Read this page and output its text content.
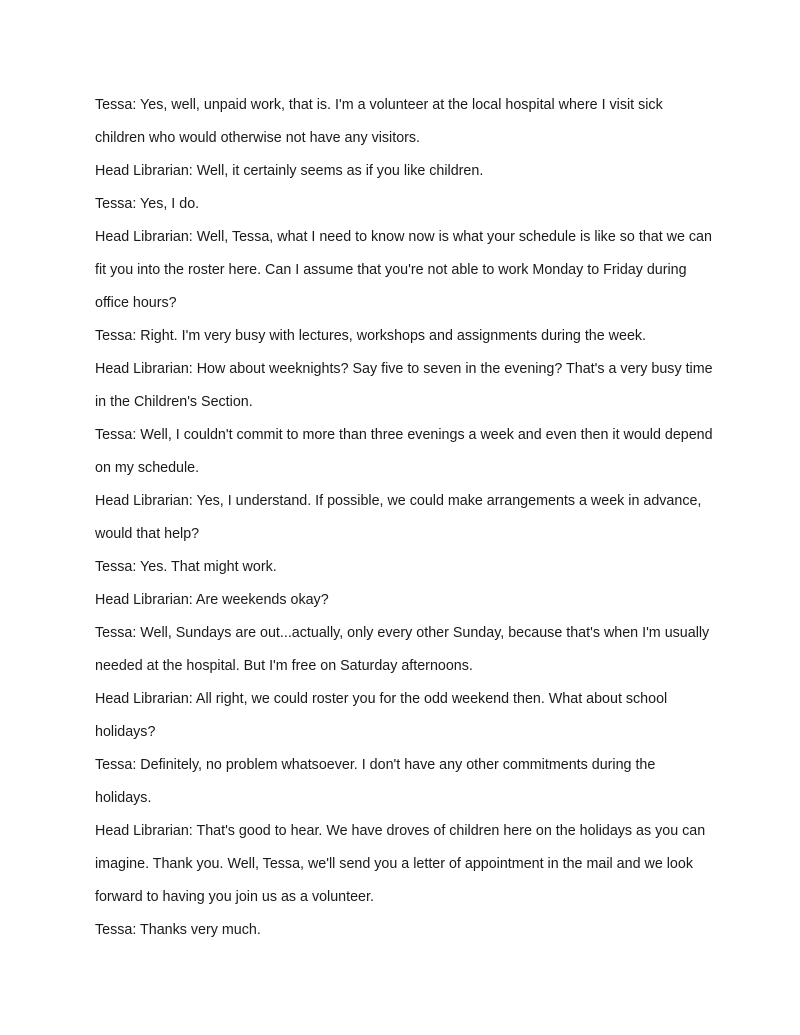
Tessa: Yes, well, unpaid work, that is. I'm a volunteer at the local hospital where I visit sick children who would otherwise not have any visitors.

Head Librarian: Well, it certainly seems as if you like children.

Tessa: Yes, I do.

Head Librarian: Well, Tessa, what I need to know now is what your schedule is like so that we can fit you into the roster here. Can I assume that you're not able to work Monday to Friday during office hours?

Tessa: Right. I'm very busy with lectures, workshops and assignments during the week.

Head Librarian: How about weeknights? Say five to seven in the evening? That's a very busy time in the Children's Section.

Tessa: Well, I couldn't commit to more than three evenings a week and even then it would depend on my schedule.

Head Librarian: Yes, I understand. If possible, we could make arrangements a week in advance, would that help?

Tessa: Yes. That might work.

Head Librarian: Are weekends okay?

Tessa: Well, Sundays are out...actually, only every other Sunday, because that's when I'm usually needed at the hospital. But I'm free on Saturday afternoons.

Head Librarian: All right, we could roster you for the odd weekend then. What about school holidays?

Tessa: Definitely, no problem whatsoever. I don't have any other commitments during the holidays.

Head Librarian: That's good to hear. We have droves of children here on the holidays as you can imagine. Thank you. Well, Tessa, we'll send you a letter of appointment in the mail and we look forward to having you join us as a volunteer.

Tessa: Thanks very much.
